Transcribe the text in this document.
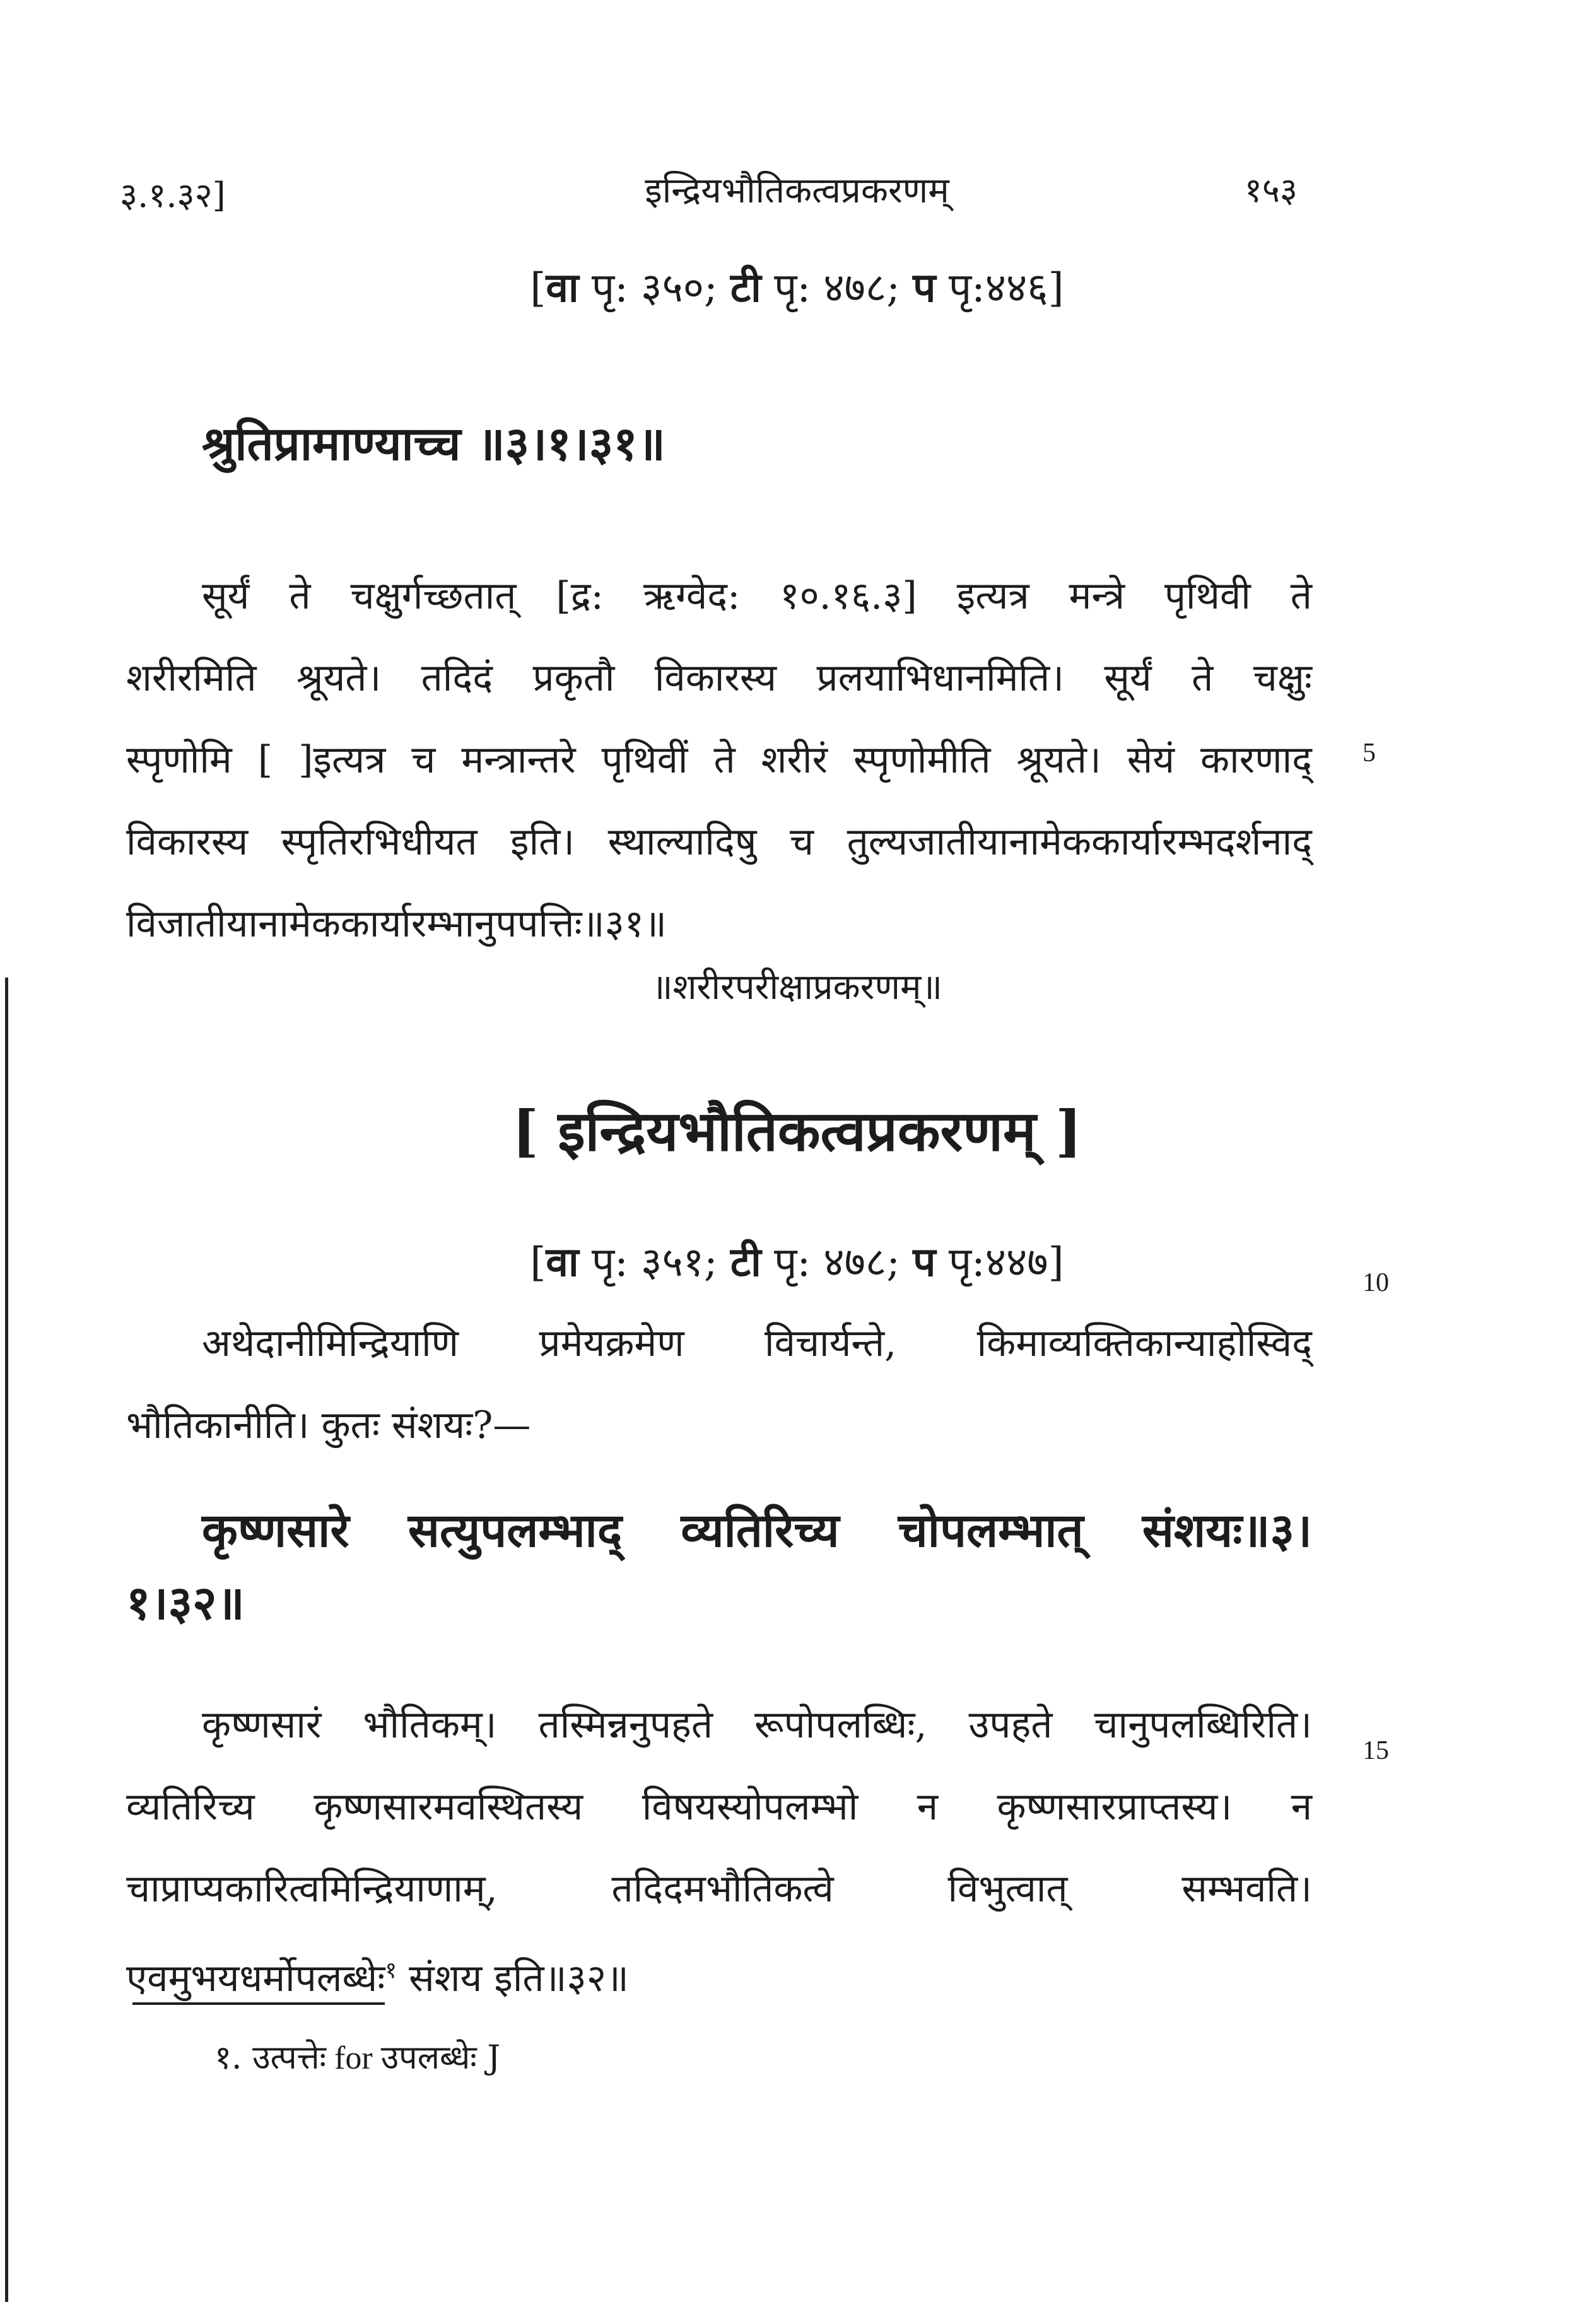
३.१.३२]	इन्द्रियभौतिकत्वप्रकरणम्	१५३
[वा पृ: ३५०; टी पृ: ४७८; प पृ:४४६]
श्रुतिप्रामाण्याच्च ॥३।१।३१॥
सूर्यं ते चक्षुर्गच्छतात् [द्र: ऋग्वेद: १०.१६.३] इत्यत्र मन्त्रे पृथिवी ते
शरीरमिति श्रूयते। तदिदं प्रकृतौ विकारस्य प्रलयाभिधानमिति। सूर्यं ते चक्षुः
स्पृणोमि [ ]इत्यत्र च मन्त्रान्तरे पृथिवीं ते शरीरं स्पृणोमीति श्रूयते। सेयं कारणाद्
विकारस्य स्पृतिरभिधीयत इति। स्थाल्यादिषु च तुल्यजातीयानामेककार्यारम्भदर्शनाद्
विजातीयानामेककार्यारम्भानुपपत्तिः॥३१॥
5
॥शरीरपरीक्षाप्रकरणम्॥
[ इन्द्रियभौतिकत्वप्रकरणम् ]
[वा पृ: ३५१; टी पृ: ४७८; प पृ:४४७]	10
अथेदानीमिन्द्रियाणि प्रमेयक्रमेण विचार्यन्ते, किमाव्यक्तिकान्याहोस्विद्
भौतिकानीति। कुतः संशयः?—
कृष्णसारे सत्युपलम्भाद् व्यतिरिच्य चोपलम्भात् संशयः॥३।
१।३२॥
कृष्णसारं भौतिकम्। तस्मिन्ननुपहते रूपोपलब्धिः, उपहते चानुपलब्धिरिति।
व्यतिरिच्य कृष्णसारमवस्थितस्य विषयस्योपलम्भो न कृष्णसारप्राप्तस्य। न
चाप्राप्यकारित्वमिन्द्रियाणाम्, तदिदमभौतिकत्वे विभुत्वात् सम्भवति।
एवमुभयधर्मोपलब्धेः$^१$ संशय इति॥३२॥
15
१. उत्पत्तेः for उपलब्धेः J
